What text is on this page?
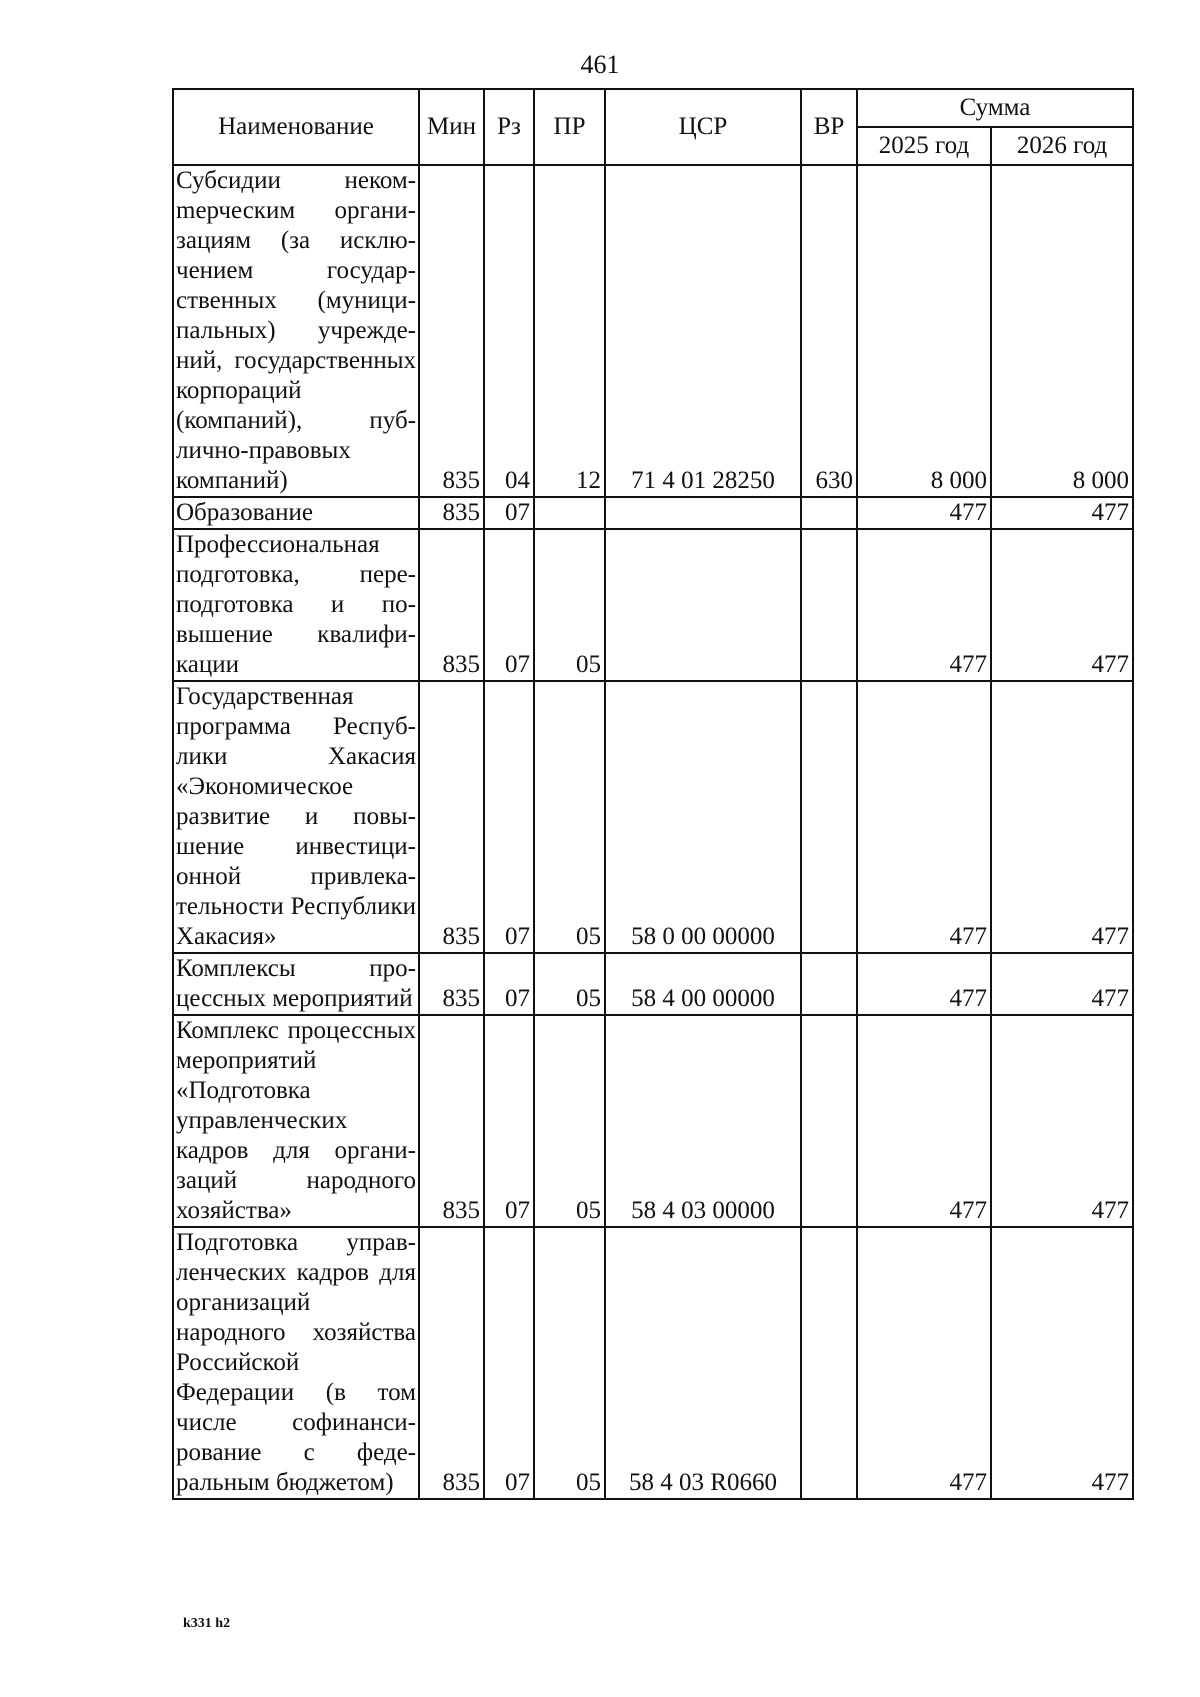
461
Наименование	Мин	Рз	ПР	ЦСР	ВР	Сумма	
						2025 год	2026 год
Субсидии некомmерческим организациям (за исключением государственных (муниципальных) учреждений, государственных корпораций (компаний), публично-правовых компаний)	835	04	12	71 4 01 28250	630	8 000	8 000
Образование	835	07				477	477
Профессиональная подготовка, переподготовка и повышение квалификации	835	07	05			477	477
Государственная программа Республики Хакасия «Экономическое развитие и повышение инвестиционной привлекательности Республики Хакасия»	835	07	05	58 0 00 00000		477	477
Комплексы процессных мероприятий	835	07	05	58 4 00 00000		477	477
Комплекс процессных мероприятий «Подготовка управленческих кадров для организаций народного хозяйства»	835	07	05	58 4 03 00000		477	477
Подготовка управленческих кадров для организаций народного хозяйства Российской Федерации (в том числе софинансирование с федеральным бюджетом)	835	07	05	58 4 03 R0660		477	477
k331 h2
